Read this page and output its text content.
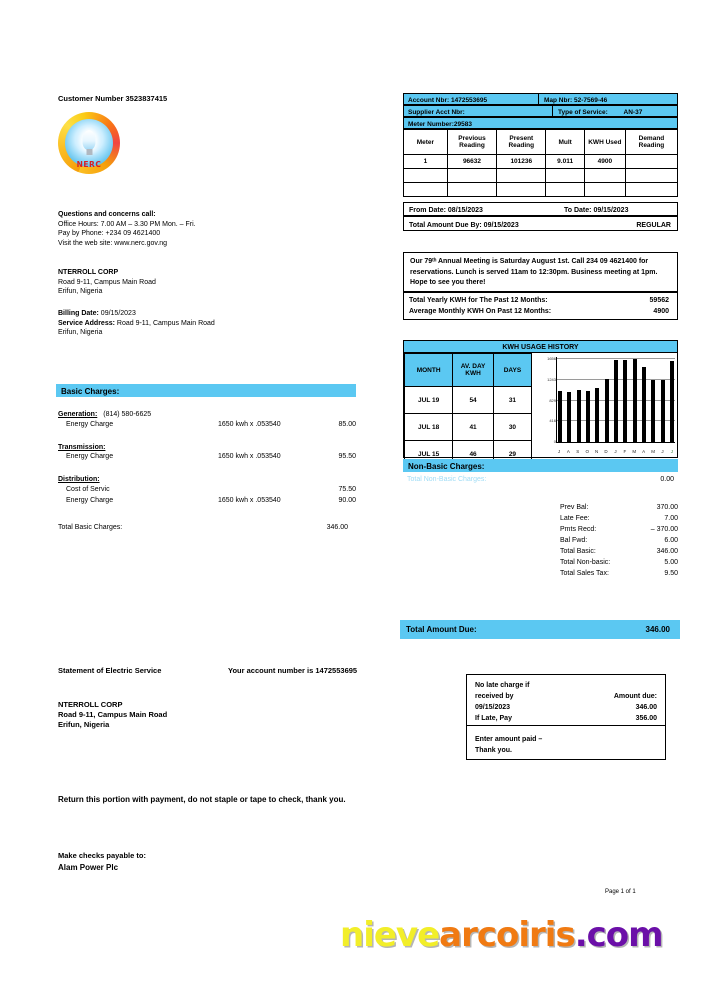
Customer Number 3523837415
NERC
Questions and concerns call:
Office Hours: 7.00 AM – 3.30 PM Mon. – Fri.
Pay by Phone: +234 09 4621400
Visit the web site: www.nerc.gov.ng
NTERROLL CORP
Road 9-11, Campus Main Road
Erifun, Nigeria
Billing Date: 09/15/2023
Service Address: Road 9-11, Campus Main Road
Erifun, Nigeria
Basic Charges:
Generation: (814) 580-6625
Energy Charge	1650 kwh x .053540	85.00
Transmission:
Energy Charge	1650 kwh x .053540	95.50
Distribution:
Cost of Servic	75.50
Energy Charge	1650 kwh x .053540	90.00
Total Basic Charges:	346.00
Account Nbr: 1472553695	Map Nbr: 52-7569-46
Supplier Acct Nbr:	Type of Service: AN-37
Meter Number:29583
Meter	Previous Reading	Present Reading	Mult	KWH Used	Demand Reading
1	96632	101236	9.011	4900	

From Date: 08/15/2023	To Date: 09/15/2023
Total Amount Due By: 09/15/2023	REGULAR
Our 79ᵗʰ Annual Meeting is Saturday August 1st. Call 234 09 4621400 for reservations. Lunch is served 11am to 12:30pm. Business meeting at 1pm. Hope to see you there!
Total Yearly KWH for The Past 12 Months:	59562
Average Monthly KWH On Past 12 Months:	4900
KWH USAGE HISTORY
MONTH	AV. DAY KWH	DAYS
JUL 19	54	31
JUL 18	41	30
JUL 15	46	29
416
829
1243
1656
0
J A S O N D J F M A M J J
Non-Basic Charges:
Total Non-Basic Charges:	0.00
Prev Bal:	370.00
Late Fee:	7.00
Pmts Recd:	– 370.00
Bal Fwd:	6.00
Total Basic:	346.00
Total Non-basic:	5.00
Total Sales Tax:	9.50
Total Amount Due:	346.00
Statement of Electric Service	Your account number is 1472553695
NTERROLL CORP
Road 9-11, Campus Main Road
Erifun, Nigeria
No late charge if
received by	Amount due:
09/15/2023	346.00
If Late, Pay	356.00
Enter amount paid –
Thank you.
Return this portion with payment, do not staple or tape to check, thank you.
Make checks payable to:
Alam Power Plc
Page 1 of 1
nievearcoiris.com
